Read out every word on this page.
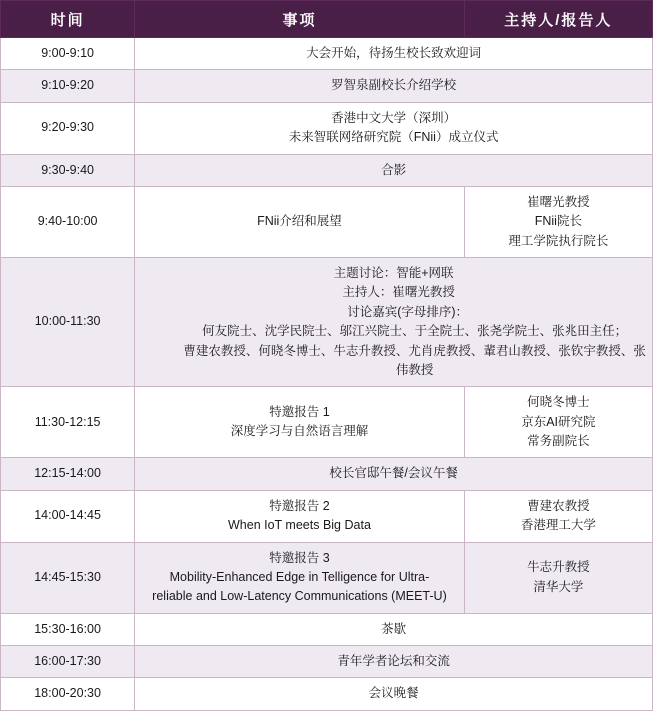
时间	事项	主持人/报告人
9:00-9:10	大会开始，待扬生校长致欢迎词	

9:10-9:20	罗智泉副校长介绍学校	

9:20-9:30	香港中文大学（深圳）
未来智联网络研究院（FNii）成立仪式	

9:30-9:40	合影	

9:40-10:00	FNii介绍和展望	崔曙光教授
FNii院长
理工学院执行院长

10:00-11:30	主题讨论：智能+网联
主持人：崔曙光教授
讨论嘉宾(字母排序)：
何友院士、沈学民院士、邬江兴院士、于全院士、张尧学院士、张兆田主任；
曹建农教授、何晓冬博士、牛志升教授、尤肖虎教授、輩君山教授、张钦宇教授、张伟教授	

11:30-12:15	特邀报告 1
深度学习与自然语言理解	何晓冬博士
京东AI研究院
常务副院长

12:15-14:00	校长官邸午餐/会议午餐	

14:00-14:45	特邀报告 2
When IoT meets Big Data	曹建农教授
香港理工大学

14:45-15:30	特邀报告 3
Mobility-Enhanced Edge in Telligence for Ultra-
reliable and Low-Latency Communications (MEET-U)	牛志升教授
清华大学

15:30-16:00	茶歇	

16:00-17:30	青年学者论坛和交流	

18:00-20:30	会议晚餐	
